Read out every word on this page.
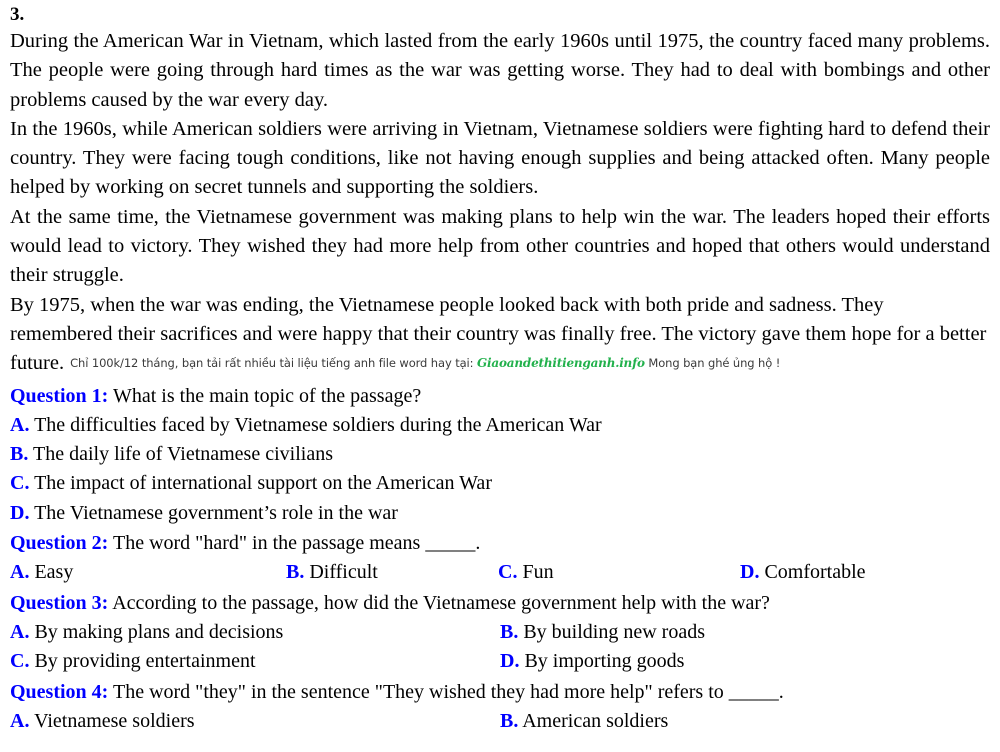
3.

During the American War in Vietnam, which lasted from the early 1960s until 1975, the country faced many problems. The people were going through hard times as the war was getting worse. They had to deal with bombings and other problems caused by the war every day.

In the 1960s, while American soldiers were arriving in Vietnam, Vietnamese soldiers were fighting hard to defend their country. They were facing tough conditions, like not having enough supplies and being attacked often. Many people helped by working on secret tunnels and supporting the soldiers.

At the same time, the Vietnamese government was making plans to help win the war. The leaders hoped their efforts would lead to victory. They wished they had more help from other countries and hoped that others would understand their struggle.

By 1975, when the war was ending, the Vietnamese people looked back with both pride and sadness. They remembered their sacrifices and were happy that their country was finally free. The victory gave them hope for a better future. Chỉ 100k/12 tháng, bạn tải rất nhiều tài liệu tiếng anh file word hay tại: Giaoandethitienganh.info Mong bạn ghé ủng hộ !

Question 1: What is the main topic of the passage?
A. The difficulties faced by Vietnamese soldiers during the American War
B. The daily life of Vietnamese civilians
C. The impact of international support on the American War
D. The Vietnamese government’s role in the war
Question 2: The word "hard" in the passage means _____.
A. Easy	B. Difficult	C. Fun	D. Comfortable
Question 3: According to the passage, how did the Vietnamese government help with the war?
A. By making plans and decisions	B. By building new roads
C. By providing entertainment	D. By importing goods
Question 4: The word "they" in the sentence "They wished they had more help" refers to _____.
A. Vietnamese soldiers	B. American soldiers
